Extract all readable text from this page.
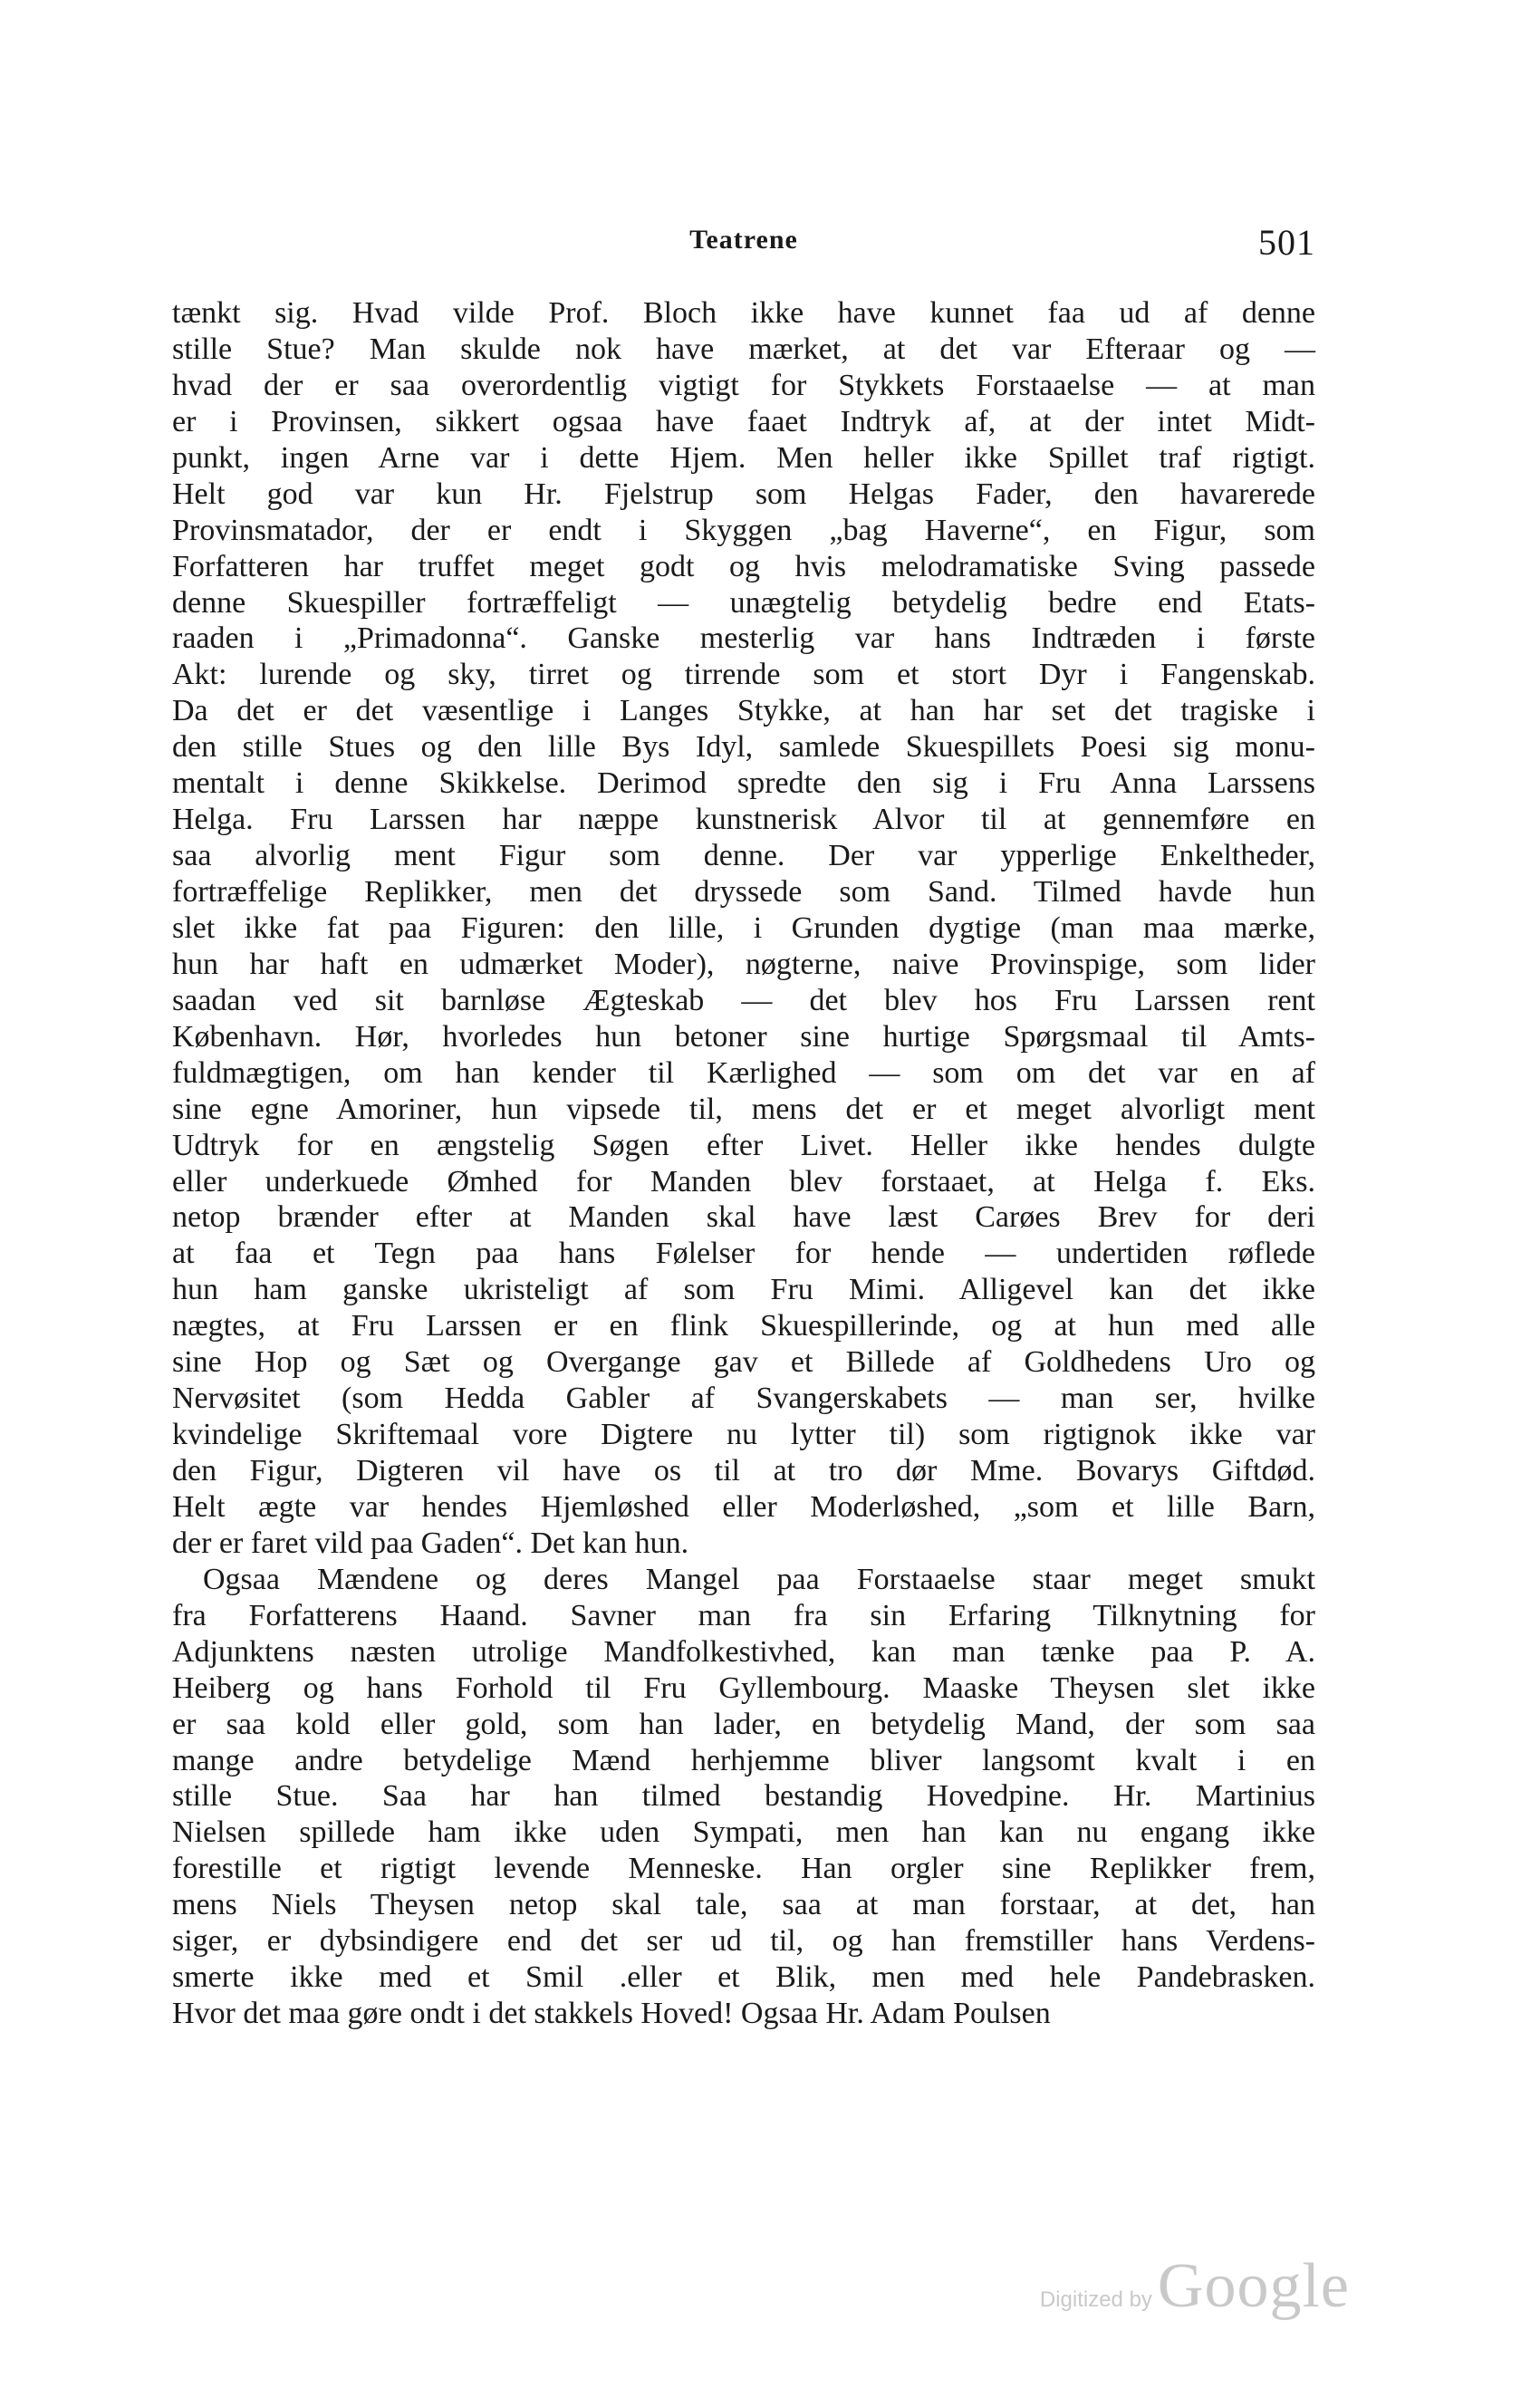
Teatrene	501
tænkt sig. Hvad vilde Prof. Bloch ikke have kunnet faa ud af denne
stille Stue? Man skulde nok have mærket, at det var Efteraar og —
hvad der er saa overordentlig vigtigt for Stykkets Forstaaelse — at man
er i Provinsen, sikkert ogsaa have faaet Indtryk af, at der intet Midt-
punkt, ingen Arne var i dette Hjem. Men heller ikke Spillet traf rigtigt.
Helt god var kun Hr. Fjelstrup som Helgas Fader, den havarerede
Provinsmatador, der er endt i Skyggen „bag Haverne“, en Figur, som
Forfatteren har truffet meget godt og hvis melodramatiske Sving passede
denne Skuespiller fortræffeligt — unægtelig betydelig bedre end Etats-
raaden i „Primadonna“. Ganske mesterlig var hans Indtræden i første
Akt: lurende og sky, tirret og tirrende som et stort Dyr i Fangenskab.
Da det er det væsentlige i Langes Stykke, at han har set det tragiske i
den stille Stues og den lille Bys Idyl, samlede Skuespillets Poesi sig monu-
mentalt i denne Skikkelse. Derimod spredte den sig i Fru Anna Larssens
Helga. Fru Larssen har næppe kunstnerisk Alvor til at gennemføre en
saa alvorlig ment Figur som denne. Der var ypperlige Enkeltheder,
fortræffelige Replikker, men det dryssede som Sand. Tilmed havde hun
slet ikke fat paa Figuren: den lille, i Grunden dygtige (man maa mærke,
hun har haft en udmærket Moder), nøgterne, naive Provinspige, som lider
saadan ved sit barnløse Ægteskab — det blev hos Fru Larssen rent
København. Hør, hvorledes hun betoner sine hurtige Spørgsmaal til Amts-
fuldmægtigen, om han kender til Kærlighed — som om det var en af
sine egne Amoriner, hun vipsede til, mens det er et meget alvorligt ment
Udtryk for en ængstelig Søgen efter Livet. Heller ikke hendes dulgte
eller underkuede Ømhed for Manden blev forstaaet, at Helga f. Eks.
netop brænder efter at Manden skal have læst Carøes Brev for deri
at faa et Tegn paa hans Følelser for hende — undertiden røflede
hun ham ganske ukristeligt af som Fru Mimi. Alligevel kan det ikke
nægtes, at Fru Larssen er en flink Skuespillerinde, og at hun med alle
sine Hop og Sæt og Overgange gav et Billede af Goldhedens Uro og
Nervøsitet (som Hedda Gabler af Svangerskabets — man ser, hvilke
kvindelige Skriftemaal vore Digtere nu lytter til) som rigtignok ikke var
den Figur, Digteren vil have os til at tro dør Mme. Bovarys Giftdød.
Helt ægte var hendes Hjemløshed eller Moderløshed, „som et lille Barn,
der er faret vild paa Gaden“. Det kan hun.
Ogsaa Mændene og deres Mangel paa Forstaaelse staar meget smukt
fra Forfatterens Haand. Savner man fra sin Erfaring Tilknytning for
Adjunktens næsten utrolige Mandfolkestivhed, kan man tænke paa P. A.
Heiberg og hans Forhold til Fru Gyllembourg. Maaske Theysen slet ikke
er saa kold eller gold, som han lader, en betydelig Mand, der som saa
mange andre betydelige Mænd herhjemme bliver langsomt kvalt i en
stille Stue. Saa har han tilmed bestandig Hovedpine. Hr. Martinius
Nielsen spillede ham ikke uden Sympati, men han kan nu engang ikke
forestille et rigtigt levende Menneske. Han orgler sine Replikker frem,
mens Niels Theysen netop skal tale, saa at man forstaar, at det, han
siger, er dybsindigere end det ser ud til, og han fremstiller hans Verdens-
smerte ikke med et Smil .eller et Blik, men med hele Pandebrasken.
Hvor det maa gøre ondt i det stakkels Hoved! Ogsaa Hr. Adam Poulsen
Digitized by Google
